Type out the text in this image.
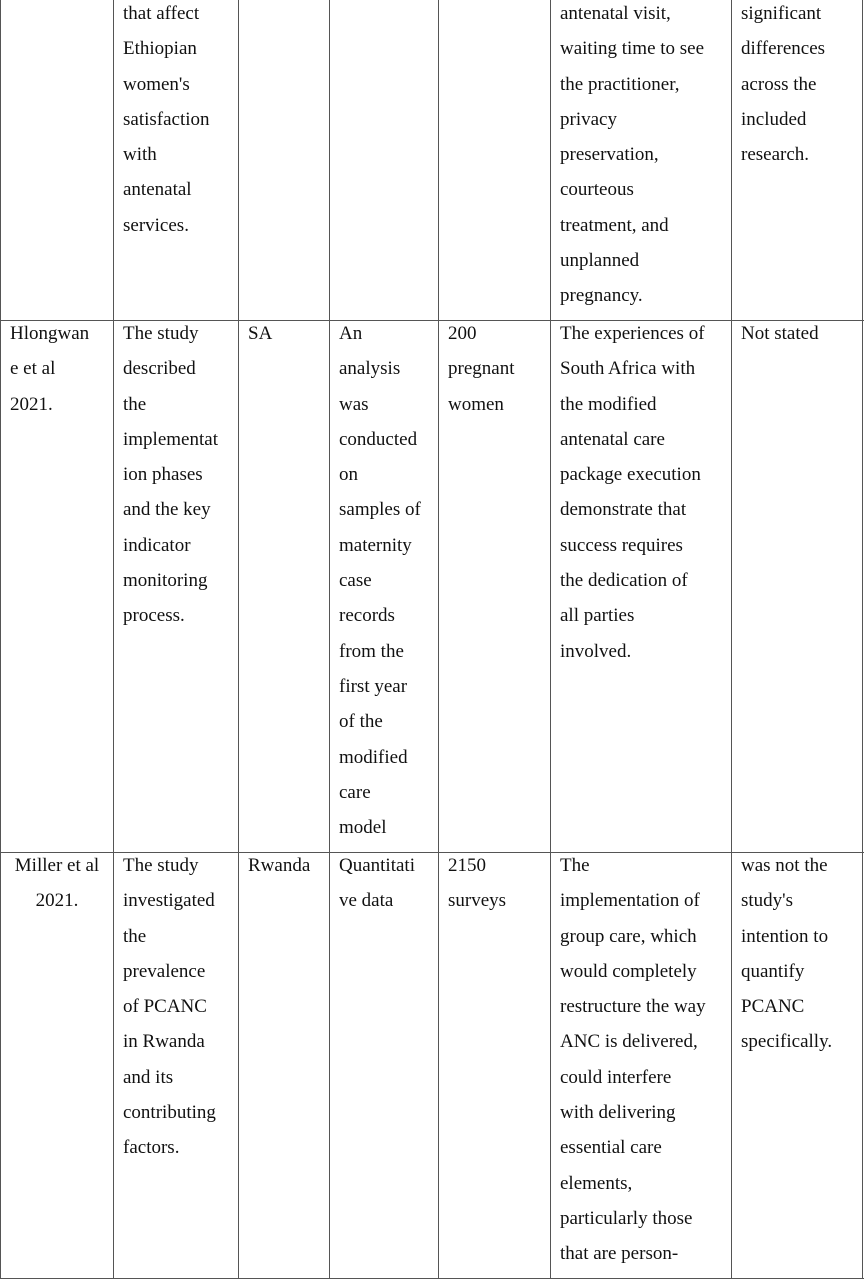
that affect
Ethiopian
women's
satisfaction
with
antenatal
services.
antenatal visit,
waiting time to see
the practitioner,
privacy
preservation,
courteous
treatment, and
unplanned
pregnancy.
significant
differences
across the
included
research.
Hlongwan
e et al
2021.
The study
described
the
implementat
ion phases
and the key
indicator
monitoring
process.
SA	An
analysis
was
conducted
on
samples of
maternity
case
records
from the
first year
of the
modified
care
model
200
pregnant
women
The experiences of
South Africa with
the modified
antenatal care
package execution
demonstrate that
success requires
the dedication of
all parties
involved.
Not stated
Miller et al
2021.
The study
investigated
the
prevalence
of PCANC
in Rwanda
and its
contributing
factors.
Rwanda	Quantitati
ve data
2150
surveys
The
implementation of
group care, which
would completely
restructure the way
ANC is delivered,
could interfere
with delivering
essential care
elements,
particularly those
that are person-
was not the
study's
intention to
quantify
PCANC
specifically.
